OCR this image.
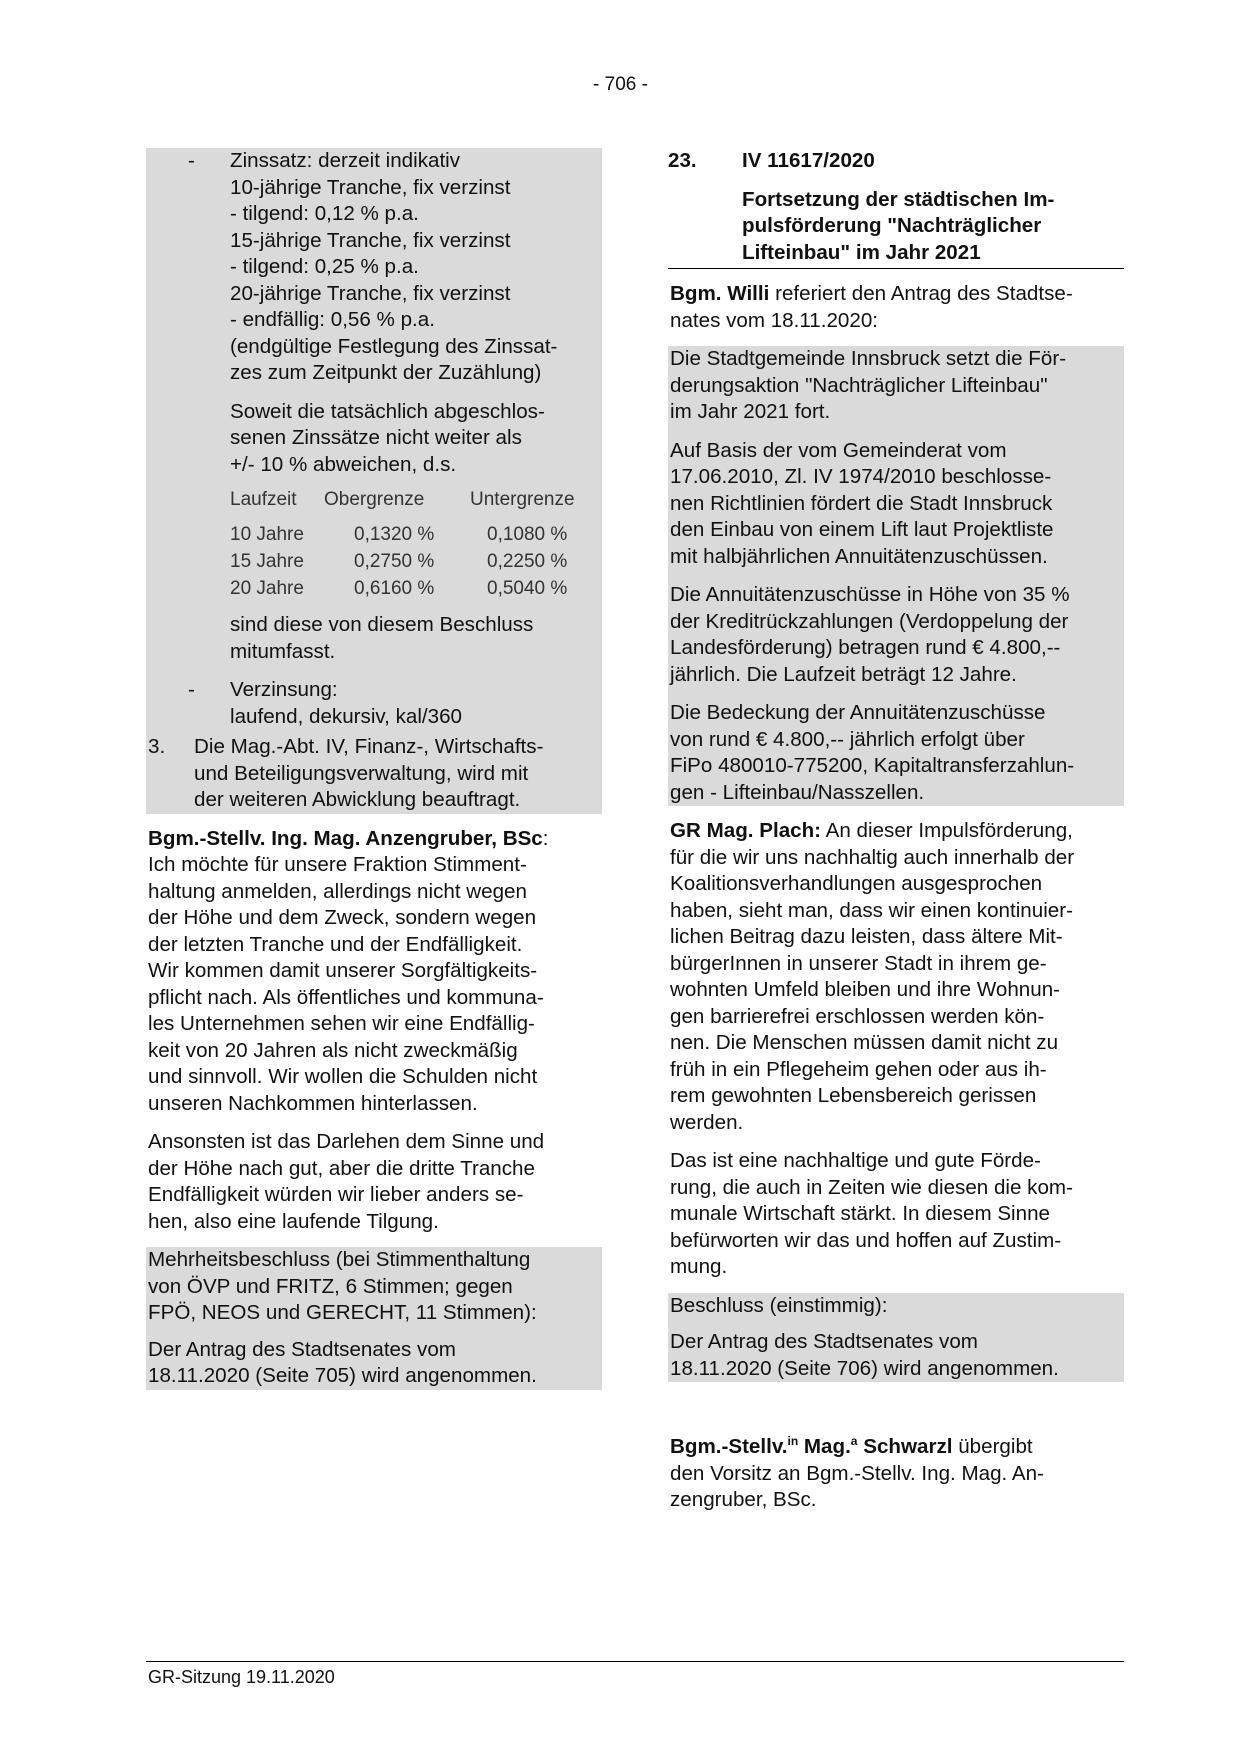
- 706 -
- Zinssatz: derzeit indikativ
10-jährige Tranche, fix verzinst
- tilgend: 0,12 % p.a.
15-jährige Tranche, fix verzinst
- tilgend: 0,25 % p.a.
20-jährige Tranche, fix verzinst
- endfällig: 0,56 % p.a.
(endgültige Festlegung des Zinssat-
zes zum Zeitpunkt der Zuzählung)
Soweit die tatsächlich abgeschlos-
senen Zinssätze nicht weiter als
+/- 10 % abweichen, d.s.
Laufzeit	Obergrenze	Untergrenze
10 Jahre	0,1320 %	0,1080 %
15 Jahre	0,2750 %	0,2250 %
20 Jahre	0,6160 %	0,5040 %
sind diese von diesem Beschluss
mitumfasst.
- Verzinsung:
laufend, dekursiv, kal/360
3. Die Mag.-Abt. IV, Finanz-, Wirtschafts-
und Beteiligungsverwaltung, wird mit
der weiteren Abwicklung beauftragt.
Bgm.-Stellv. Ing. Mag. Anzengruber, BSc:
Ich möchte für unsere Fraktion Stimment-
haltung anmelden, allerdings nicht wegen
der Höhe und dem Zweck, sondern wegen
der letzten Tranche und der Endfälligkeit.
Wir kommen damit unserer Sorgfältigkeits-
pflicht nach. Als öffentliches und kommuna-
les Unternehmen sehen wir eine Endfällig-
keit von 20 Jahren als nicht zweckmäßig
und sinnvoll. Wir wollen die Schulden nicht
unseren Nachkommen hinterlassen.
Ansonsten ist das Darlehen dem Sinne und
der Höhe nach gut, aber die dritte Tranche
Endfälligkeit würden wir lieber anders se-
hen, also eine laufende Tilgung.
Mehrheitsbeschluss (bei Stimmenthaltung
von ÖVP und FRITZ, 6 Stimmen; gegen
FPÖ, NEOS und GERECHT, 11 Stimmen):
Der Antrag des Stadtsenates vom
18.11.2020 (Seite 705) wird angenommen.
23.	IV 11617/2020
Fortsetzung der städtischen Im-
pulsförderung "Nachträglicher
Lifteinbau" im Jahr 2021
Bgm. Willi referiert den Antrag des Stadtse-
nates vom 18.11.2020:
Die Stadtgemeinde Innsbruck setzt die För-
derungsaktion "Nachträglicher Lifteinbau"
im Jahr 2021 fort.
Auf Basis der vom Gemeinderat vom
17.06.2010, Zl. IV 1974/2010 beschlosse-
nen Richtlinien fördert die Stadt Innsbruck
den Einbau von einem Lift laut Projektliste
mit halbjährlichen Annuitätenzuschüssen.
Die Annuitätenzuschüsse in Höhe von 35 %
der Kreditrückzahlungen (Verdoppelung der
Landesförderung) betragen rund € 4.800,--
jährlich. Die Laufzeit beträgt 12 Jahre.
Die Bedeckung der Annuitätenzuschüsse
von rund € 4.800,-- jährlich erfolgt über
FiPo 480010-775200, Kapitaltransferzahlun-
gen - Lifteinbau/Nasszellen.
GR Mag. Plach: An dieser Impulsförderung,
für die wir uns nachhaltig auch innerhalb der
Koalitionsverhandlungen ausgesprochen
haben, sieht man, dass wir einen kontinuier-
lichen Beitrag dazu leisten, dass ältere Mit-
bürgerInnen in unserer Stadt in ihrem ge-
wohnten Umfeld bleiben und ihre Wohnun-
gen barrierefrei erschlossen werden kön-
nen. Die Menschen müssen damit nicht zu
früh in ein Pflegeheim gehen oder aus ih-
rem gewohnten Lebensbereich gerissen
werden.
Das ist eine nachhaltige und gute Förde-
rung, die auch in Zeiten wie diesen die kom-
munale Wirtschaft stärkt. In diesem Sinne
befürworten wir das und hoffen auf Zustim-
mung.
Beschluss (einstimmig):
Der Antrag des Stadtsenates vom
18.11.2020 (Seite 706) wird angenommen.
Bgm.-Stellv.$^{in}$ Mag.$^a$ Schwarzl übergibt
den Vorsitz an Bgm.-Stellv. Ing. Mag. An-
zengruber, BSc.
GR-Sitzung 19.11.2020
